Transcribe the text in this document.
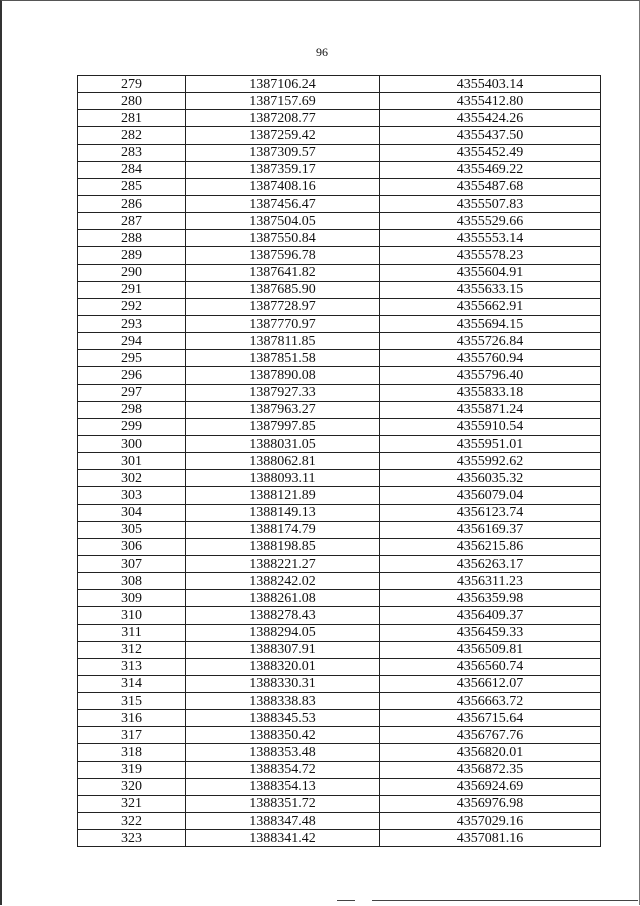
96
279	1387106.24	4355403.14
280	1387157.69	4355412.80
281	1387208.77	4355424.26
282	1387259.42	4355437.50
283	1387309.57	4355452.49
284	1387359.17	4355469.22
285	1387408.16	4355487.68
286	1387456.47	4355507.83
287	1387504.05	4355529.66
288	1387550.84	4355553.14
289	1387596.78	4355578.23
290	1387641.82	4355604.91
291	1387685.90	4355633.15
292	1387728.97	4355662.91
293	1387770.97	4355694.15
294	1387811.85	4355726.84
295	1387851.58	4355760.94
296	1387890.08	4355796.40
297	1387927.33	4355833.18
298	1387963.27	4355871.24
299	1387997.85	4355910.54
300	1388031.05	4355951.01
301	1388062.81	4355992.62
302	1388093.11	4356035.32
303	1388121.89	4356079.04
304	1388149.13	4356123.74
305	1388174.79	4356169.37
306	1388198.85	4356215.86
307	1388221.27	4356263.17
308	1388242.02	4356311.23
309	1388261.08	4356359.98
310	1388278.43	4356409.37
311	1388294.05	4356459.33
312	1388307.91	4356509.81
313	1388320.01	4356560.74
314	1388330.31	4356612.07
315	1388338.83	4356663.72
316	1388345.53	4356715.64
317	1388350.42	4356767.76
318	1388353.48	4356820.01
319	1388354.72	4356872.35
320	1388354.13	4356924.69
321	1388351.72	4356976.98
322	1388347.48	4357029.16
323	1388341.42	4357081.16
